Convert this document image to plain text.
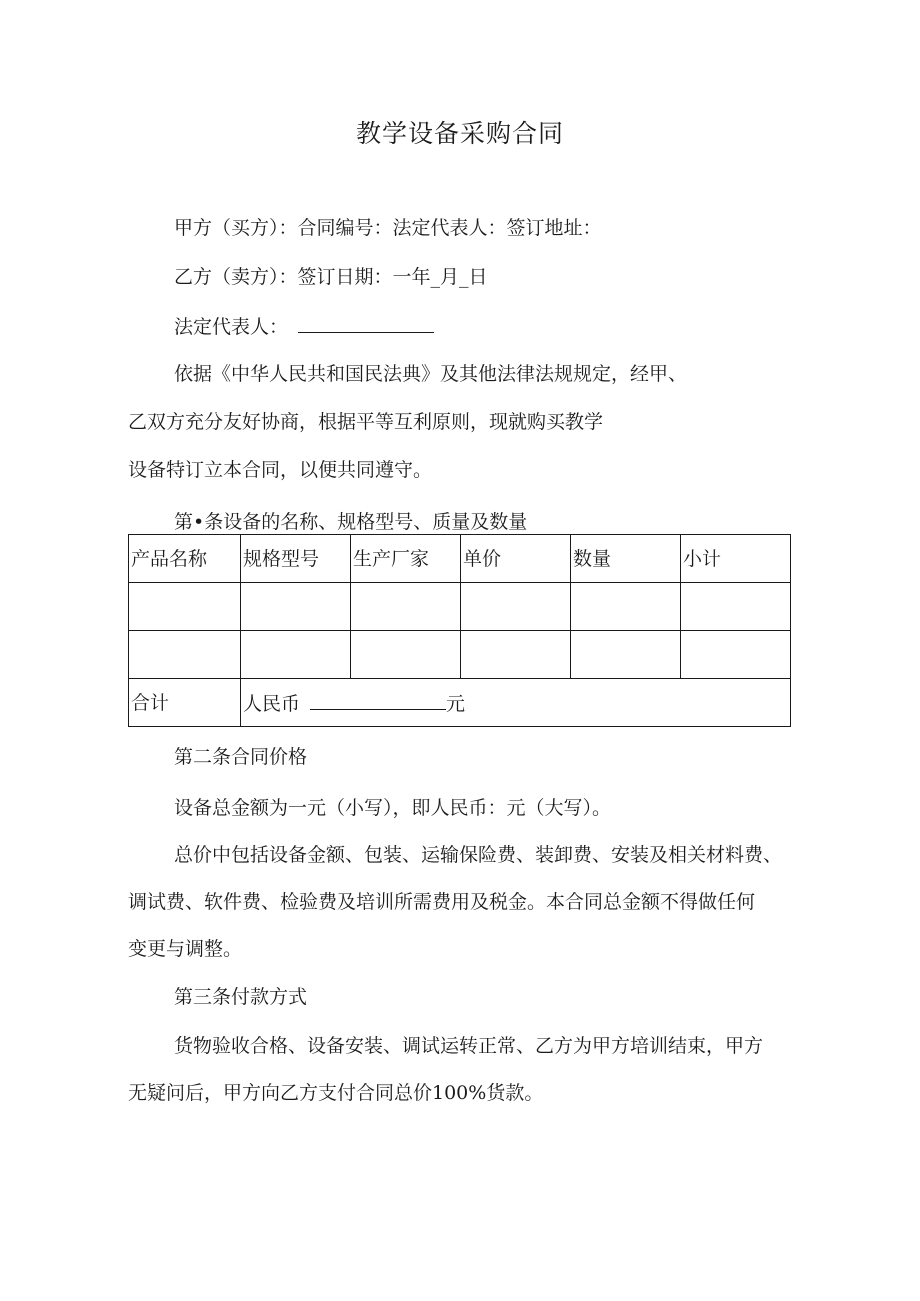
教学设备采购合同
甲方（买方）：合同编号：法定代表人：签订地址：
乙方（卖方）：签订日期：一年_月_日
法定代表人：
依据《中华人民共和国民法典》及其他法律法规规定，经甲、
乙双方充分友好协商，根据平等互利原则，现就购买教学
设备特订立本合同，以便共同遵守。
第•条设备的名称、规格型号、质量及数量
产品名称	规格型号	生产厂家	单价	数量	小计

合计	人民币 元				
第二条合同价格
设备总金额为一元（小写），即人民币：元（大写）。
总价中包括设备金额、包装、运输保险费、装卸费、安装及相关材料费、
调试费、软件费、检验费及培训所需费用及税金。本合同总金额不得做任何
变更与调整。
第三条付款方式
货物验收合格、设备安装、调试运转正常、乙方为甲方培训结束，甲方
无疑问后，甲方向乙方支付合同总价100%货款。
